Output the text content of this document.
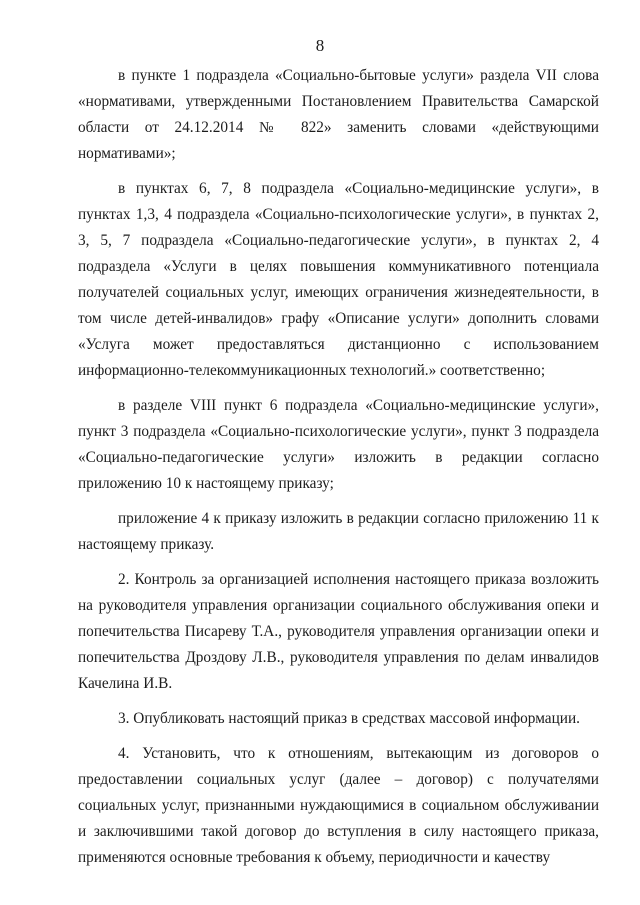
8

в пункте 1 подраздела «Социально-бытовые услуги» раздела VII слова «нормативами, утвержденными Постановлением Правительства Самарской области от 24.12.2014 № 822» заменить словами «действующими нормативами»;

в пунктах 6, 7, 8 подраздела «Социально-медицинские услуги», в пунктах 1,3, 4 подраздела «Социально-психологические услуги», в пунктах 2, 3, 5, 7 подраздела «Социально-педагогические услуги», в пунктах 2, 4 подраздела «Услуги в целях повышения коммуникативного потенциала получателей социальных услуг, имеющих ограничения жизнедеятельности, в том числе детей-инвалидов» графу «Описание услуги» дополнить словами «Услуга может предоставляться дистанционно с использованием информационно-телекоммуникационных технологий.» соответственно;

в разделе VIII пункт 6 подраздела «Социально-медицинские услуги», пункт 3 подраздела «Социально-психологические услуги», пункт 3 подраздела «Социально-педагогические услуги» изложить в редакции согласно приложению 10 к настоящему приказу;

приложение 4 к приказу изложить в редакции согласно приложению 11 к настоящему приказу.

2. Контроль за организацией исполнения настоящего приказа возложить на руководителя управления организации социального обслуживания опеки и попечительства Писареву Т.А., руководителя управления организации опеки и попечительства Дроздову Л.В., руководителя управления по делам инвалидов Качелина И.В.

3. Опубликовать настоящий приказ в средствах массовой информации.

4. Установить, что к отношениям, вытекающим из договоров о предоставлении социальных услуг (далее – договор) с получателями социальных услуг, признанными нуждающимися в социальном обслуживании и заключившими такой договор до вступления в силу настоящего приказа, применяются основные требования к объему, периодичности и качеству
